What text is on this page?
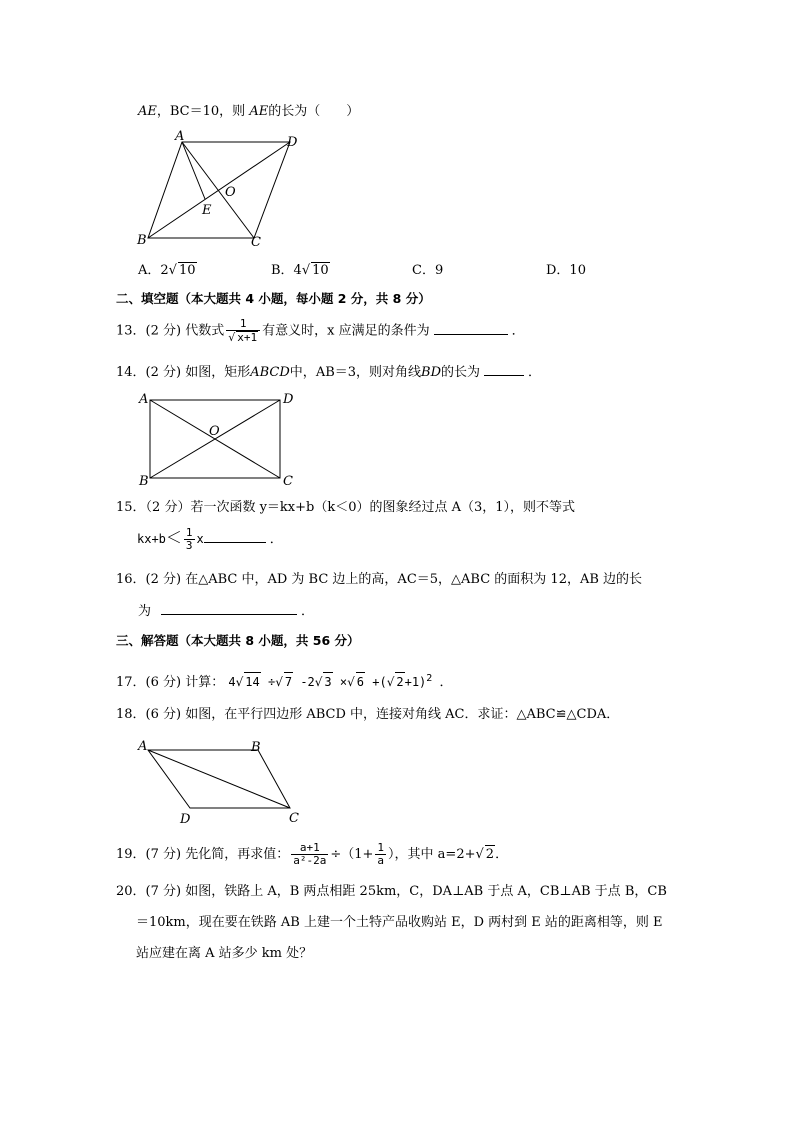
AE，BC＝10，则 AE的长为（　　）
A	D
O
E
B	C
A．2√ 10	B．4√ 10	C．9	D．10
二、填空题（本大题共 4 小题，每小题 2 分，共 8 分）
13．(2 分) 代数式 $\frac{1}{√ x+1}$ 有意义时，x 应满足的条件为	．
14．(2 分) 如图，矩形ABCD中，AB＝3，则对角线BD的长为	．
A	D
O
B	C
15．（2 分）若一次函数 y＝kx+b（k＜0）的图象经过点 A（3，1），则不等式
$kx+b< \frac{1}{3}$ x	．
16．(2 分) 在△ABC 中，AD 为 BC 边上的高，AC＝5，△ABC 的面积为 12，AB 边的长
为	．
三、解答题（本大题共 8 小题，共 56 分）
17．(6 分) 计算： 4√ 14 ÷√ 7 -2√ 3 ×√ 6 +(√ 2+1)$^2$ ．
18．(6 分) 如图，在平行四边形 ABCD 中，连接对角线 AC．求证：△ABC≌△CDA．
A	B
D	C
19．(7 分) 先化简，再求值： $\frac{a+1}{\text{a²-2a}} \div(1+ \frac{1}{a}$ ），其中 a=2+√ 2．
20．(7 分) 如图，铁路上 A，B 两点相距 25km，C，DA⊥AB 于点 A，CB⊥AB 于点 B，CB
＝10km，现在要在铁路 AB 上建一个土特产品收购站 E，D 两村到 E 站的距离相等，则 E
站应建在离 A 站多少 km 处？
